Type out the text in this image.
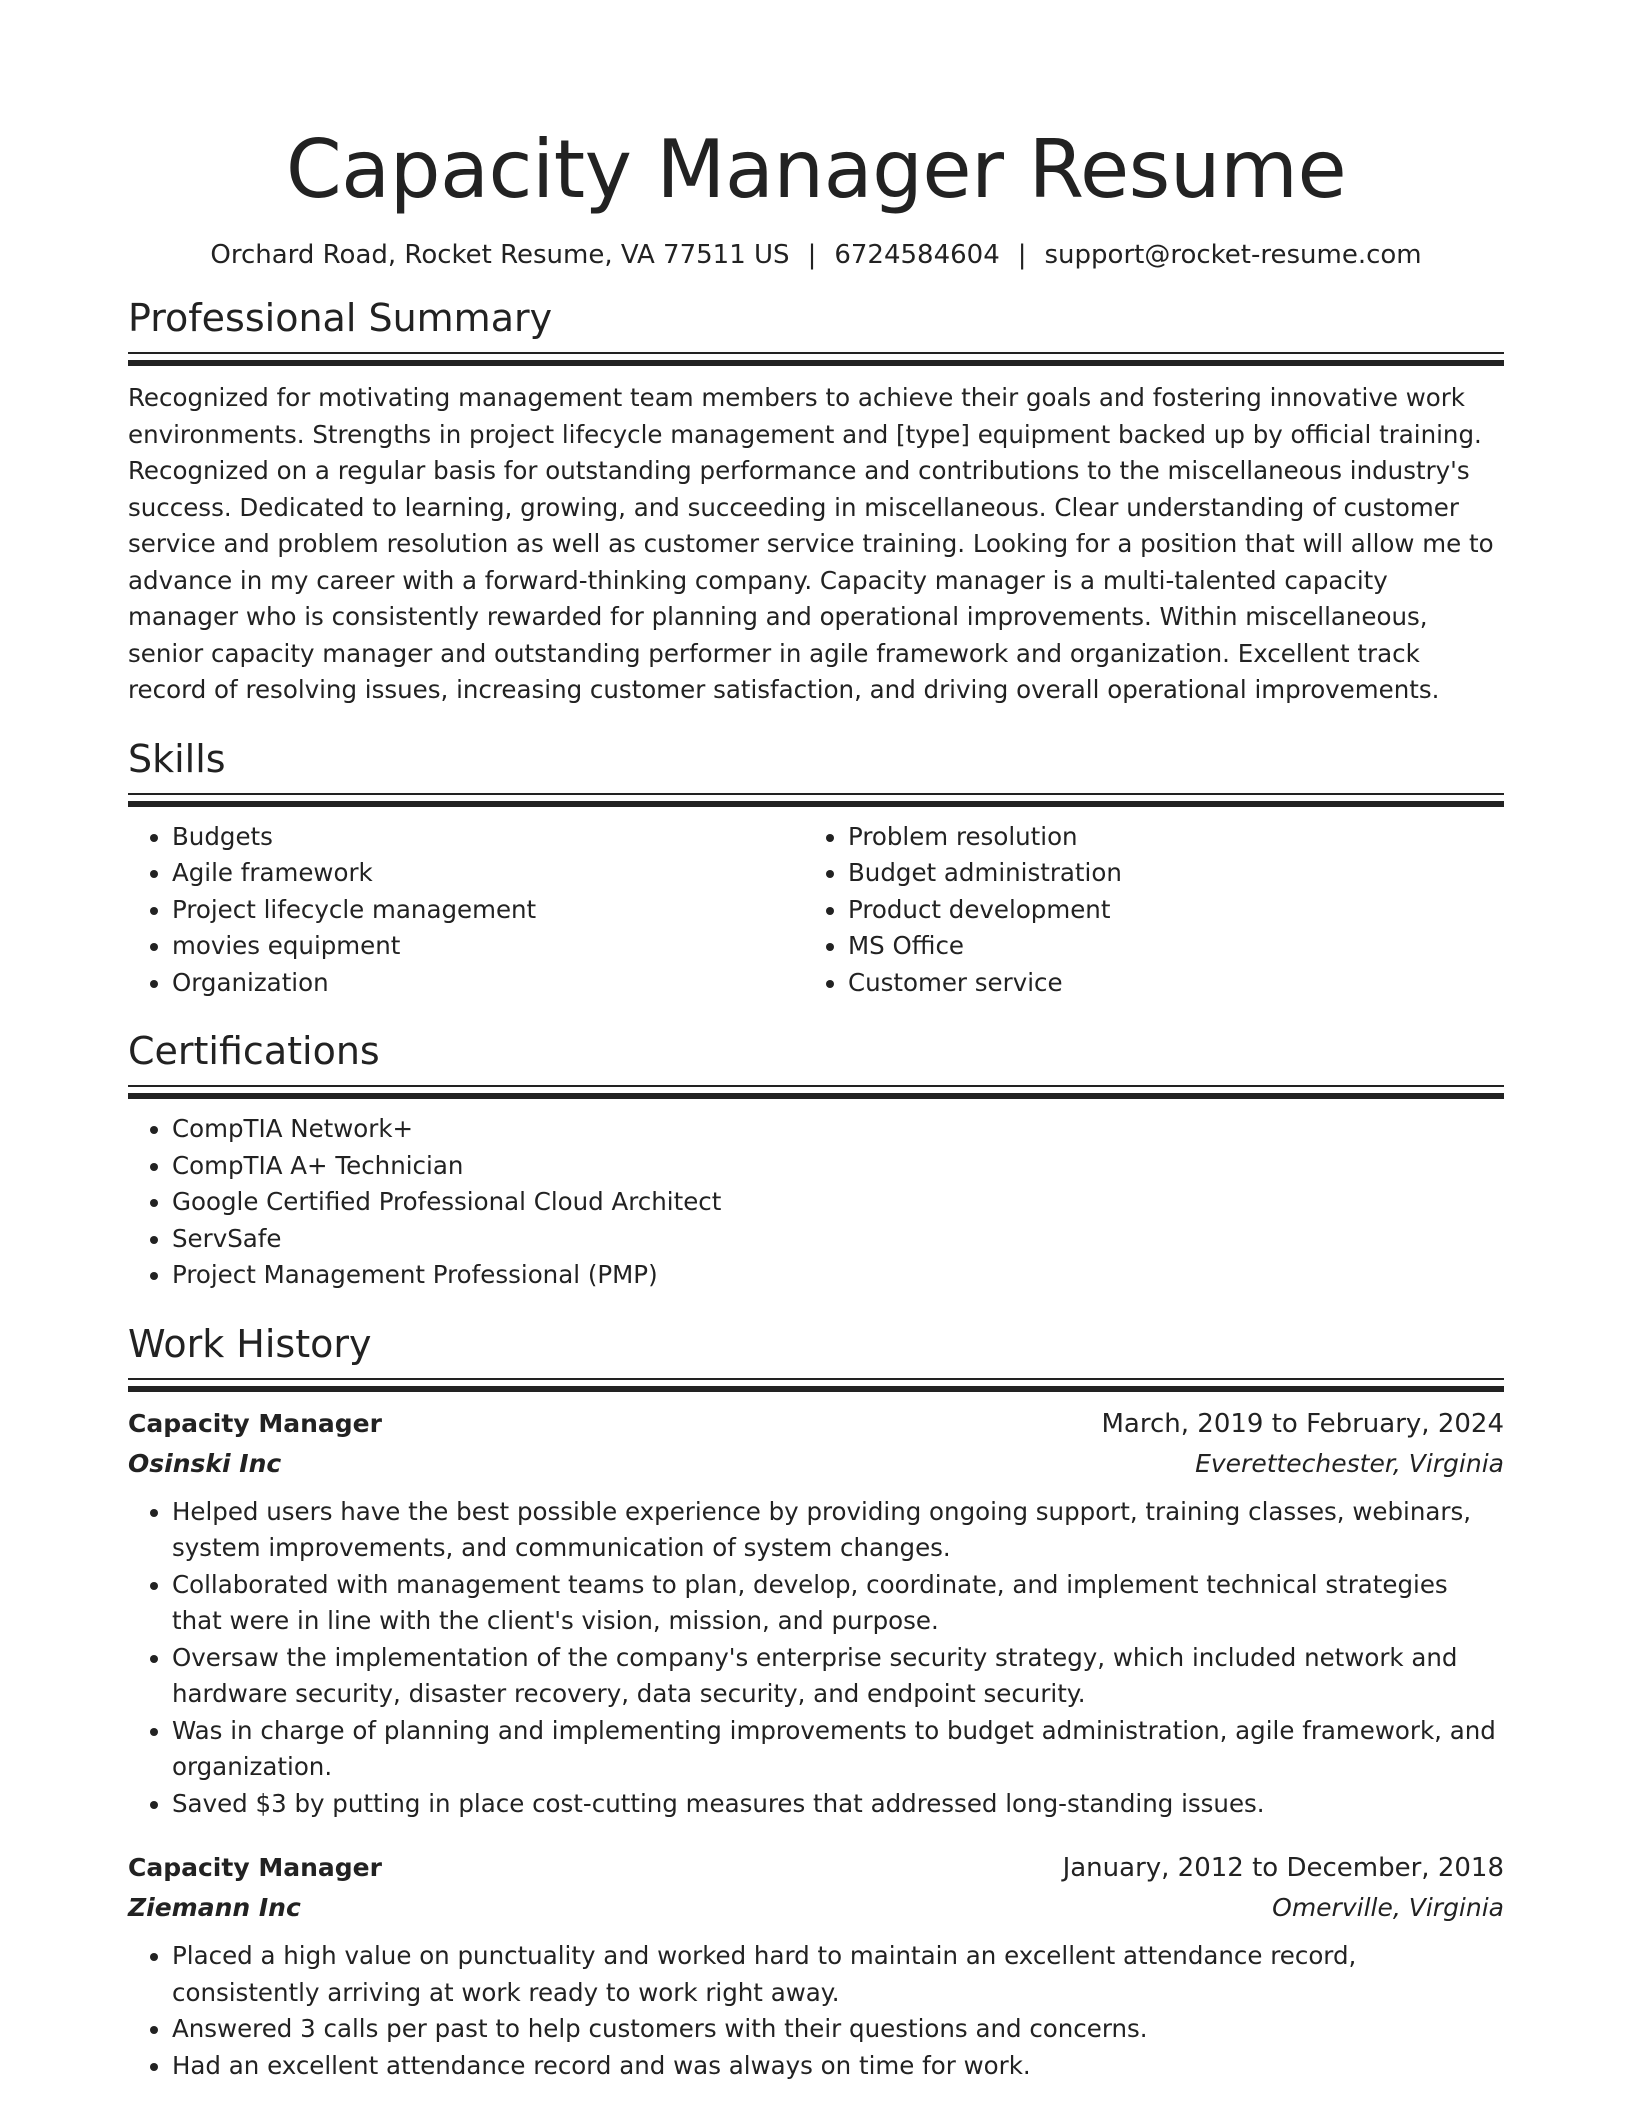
Capacity Manager Resume
Orchard Road, Rocket Resume, VA 77511 US | 6724584604 | support@rocket-resume.com
Professional Summary

Recognized for motivating management team members to achieve their goals and fostering innovative work environments. Strengths in project lifecycle management and [type] equipment backed up by official training. Recognized on a regular basis for outstanding performance and contributions to the miscellaneous industry's success. Dedicated to learning, growing, and succeeding in miscellaneous. Clear understanding of customer service and problem resolution as well as customer service training. Looking for a position that will allow me to advance in my career with a forward-thinking company. Capacity manager is a multi-talented capacity manager who is consistently rewarded for planning and operational improvements. Within miscellaneous, senior capacity manager and outstanding performer in agile framework and organization. Excellent track record of resolving issues, increasing customer satisfaction, and driving overall operational improvements.

Skills
• Budgets
• Agile framework
• Project lifecycle management
• movies equipment
• Organization
• Problem resolution
• Budget administration
• Product development
• MS Office
• Customer service
Certifications
• CompTIA Network+
• CompTIA A+ Technician
• Google Certified Professional Cloud Architect
• ServSafe
• Project Management Professional (PMP)
Work History
Capacity Manager	March, 2019 to February, 2024
Osinski Inc	Everettechester, Virginia
• Helped users have the best possible experience by providing ongoing support, training classes, webinars, system improvements, and communication of system changes.
• Collaborated with management teams to plan, develop, coordinate, and implement technical strategies that were in line with the client's vision, mission, and purpose.
• Oversaw the implementation of the company's enterprise security strategy, which included network and hardware security, disaster recovery, data security, and endpoint security.
• Was in charge of planning and implementing improvements to budget administration, agile framework, and organization.
• Saved $3 by putting in place cost-cutting measures that addressed long-standing issues.
Capacity Manager	January, 2012 to December, 2018
Ziemann Inc	Omerville, Virginia
• Placed a high value on punctuality and worked hard to maintain an excellent attendance record, consistently arriving at work ready to work right away.
• Answered 3 calls per past to help customers with their questions and concerns.
• Had an excellent attendance record and was always on time for work.
